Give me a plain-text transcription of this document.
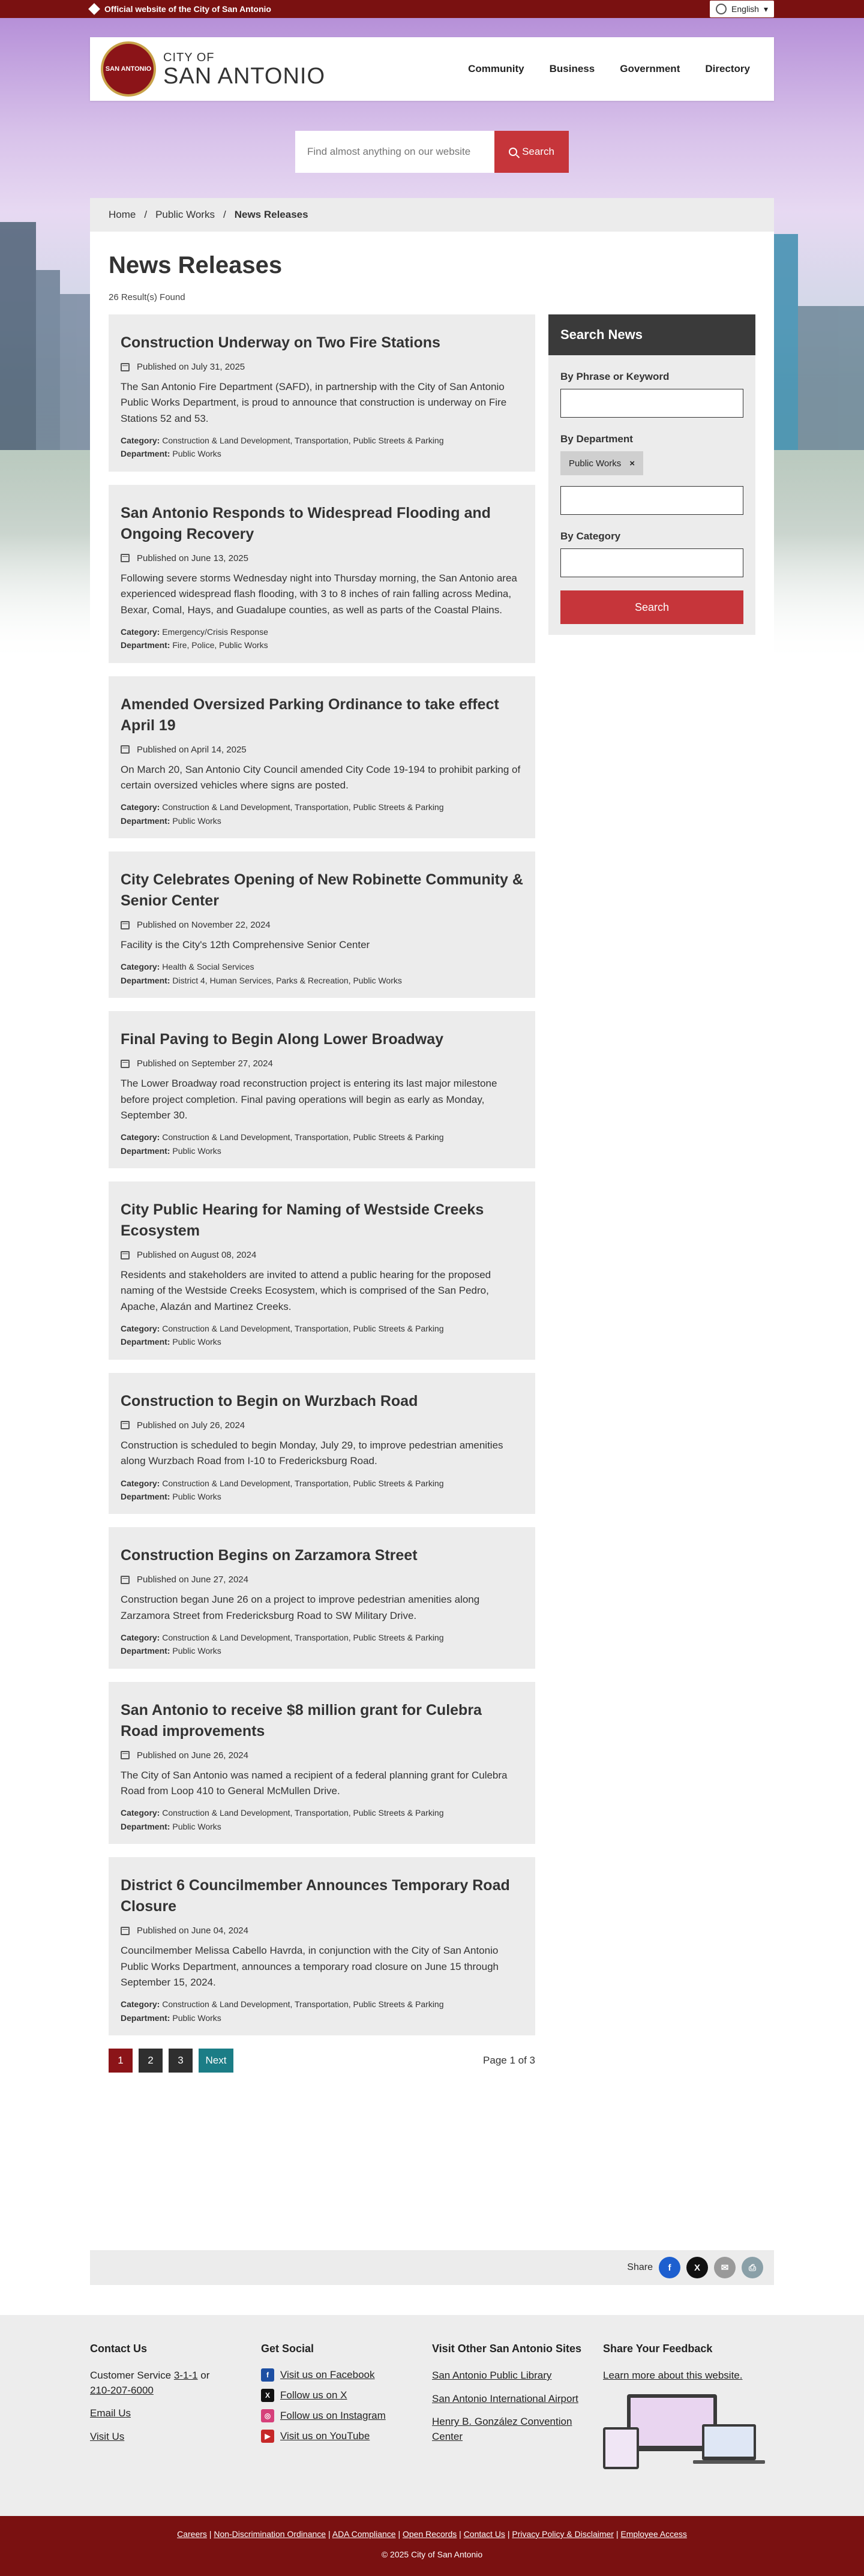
Official website of the City of San Antonio	English ▾
SAN ANTONIO
CITY OF
SAN ANTONIO	Community Business Government Directory
Find almost anything on our website
Search
Home / Public Works / News Releases
News Releases
26 Result(s) Found
Construction Underway on Two Fire Stations
Published on July 31, 2025

The San Antonio Fire Department (SAFD), in partnership with the City of San Antonio Public Works Department, is proud to announce that construction is underway on Fire Stations 52 and 53.

Category: Construction & Land Development, Transportation, Public Streets & Parking
Department: Public Works
San Antonio Responds to Widespread Flooding and Ongoing Recovery
Published on June 13, 2025

Following severe storms Wednesday night into Thursday morning, the San Antonio area experienced widespread flash flooding, with 3 to 8 inches of rain falling across Medina, Bexar, Comal, Hays, and Guadalupe counties, as well as parts of the Coastal Plains.

Category: Emergency/Crisis Response
Department: Fire, Police, Public Works
Amended Oversized Parking Ordinance to take effect April 19
Published on April 14, 2025

On March 20, San Antonio City Council amended City Code 19-194 to prohibit parking of certain oversized vehicles where signs are posted.

Category: Construction & Land Development, Transportation, Public Streets & Parking
Department: Public Works
City Celebrates Opening of New Robinette Community & Senior Center
Published on November 22, 2024

Facility is the City's 12th Comprehensive Senior Center

Category: Health & Social Services
Department: District 4, Human Services, Parks & Recreation, Public Works
Final Paving to Begin Along Lower Broadway
Published on September 27, 2024

The Lower Broadway road reconstruction project is entering its last major milestone before project completion. Final paving operations will begin as early as Monday, September 30.

Category: Construction & Land Development, Transportation, Public Streets & Parking
Department: Public Works
City Public Hearing for Naming of Westside Creeks Ecosystem
Published on August 08, 2024

Residents and stakeholders are invited to attend a public hearing for the proposed naming of the Westside Creeks Ecosystem, which is comprised of the San Pedro, Apache, Alazán and Martinez Creeks.

Category: Construction & Land Development, Transportation, Public Streets & Parking
Department: Public Works
Construction to Begin on Wurzbach Road
Published on July 26, 2024

Construction is scheduled to begin Monday, July 29, to improve pedestrian amenities along Wurzbach Road from I-10 to Fredericksburg Road.

Category: Construction & Land Development, Transportation, Public Streets & Parking
Department: Public Works
Construction Begins on Zarzamora Street
Published on June 27, 2024

Construction began June 26 on a project to improve pedestrian amenities along Zarzamora Street from Fredericksburg Road to SW Military Drive.

Category: Construction & Land Development, Transportation, Public Streets & Parking
Department: Public Works
San Antonio to receive $8 million grant for Culebra Road improvements
Published on June 26, 2024

The City of San Antonio was named a recipient of a federal planning grant for Culebra Road from Loop 410 to General McMullen Drive.

Category: Construction & Land Development, Transportation, Public Streets & Parking
Department: Public Works
District 6 Councilmember Announces Temporary Road Closure
Published on June 04, 2024

Councilmember Melissa Cabello Havrda, in conjunction with the City of San Antonio Public Works Department, announces a temporary road closure on June 15 through September 15, 2024.

Category: Construction & Land Development, Transportation, Public Streets & Parking
Department: Public Works
1	2	3	Next	Page 1 of 3
Search News
By Phrase or Keyword
By Department
Public Works ×

By Category
Search
Share	f	X	✉	⎙
Contact Us
Customer Service 3-1-1 or
210-207-6000
Email Us
Visit Us
Get Social
f	Visit us on Facebook
X	Follow us on X
◎ Follow us on Instagram
▶ Visit us on YouTube
Visit Other San Antonio Sites
San Antonio Public Library
San Antonio International Airport
Henry B. González Convention Center
Share Your Feedback
Learn more about this website.
Careers | Non-Discrimination Ordinance | ADA Compliance | Open Records | Contact Us | Privacy Policy & Disclaimer | Employee Access
© 2025 City of San Antonio
